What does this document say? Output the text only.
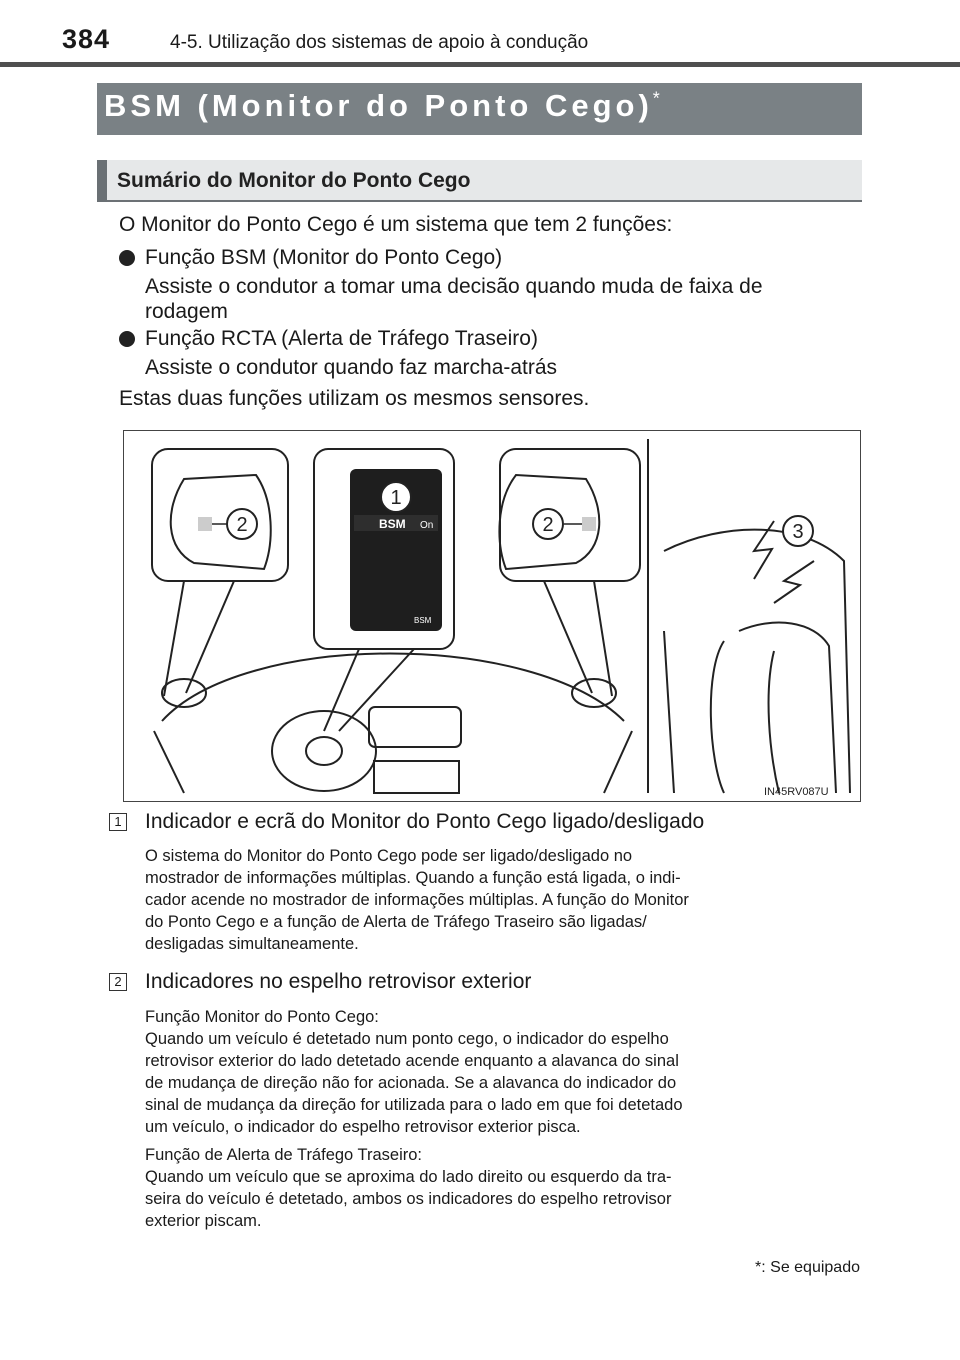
384	4-5. Utilização dos sistemas de apoio à condução
BSM (Monitor do Ponto Cego)*
Sumário do Monitor do Ponto Cego
O Monitor do Ponto Cego é um sistema que tem 2 funções:
Função BSM (Monitor do Ponto Cego)
Assiste o condutor a tomar uma decisão quando muda de faixa de
rodagem
Função RCTA (Alerta de Tráfego Traseiro)
Assiste o condutor quando faz marcha-atrás
Estas duas funções utilizam os mesmos sensores.
BSM On
BSM
1
2	2	3
IN45RV087U
1 Indicador e ecrã do Monitor do Ponto Cego ligado/desligado
O sistema do Monitor do Ponto Cego pode ser ligado/desligado no
mostrador de informações múltiplas. Quando a função está ligada, o indi-
cador acende no mostrador de informações múltiplas. A função do Monitor
do Ponto Cego e a função de Alerta de Tráfego Traseiro são ligadas/
desligadas simultaneamente.
2 Indicadores no espelho retrovisor exterior
Função Monitor do Ponto Cego:
Quando um veículo é detetado num ponto cego, o indicador do espelho
retrovisor exterior do lado detetado acende enquanto a alavanca do sinal
de mudança de direção não for acionada. Se a alavanca do indicador do
sinal de mudança da direção for utilizada para o lado em que foi detetado
um veículo, o indicador do espelho retrovisor exterior pisca.
Função de Alerta de Tráfego Traseiro:
Quando um veículo que se aproxima do lado direito ou esquerdo da tra-
seira do veículo é detetado, ambos os indicadores do espelho retrovisor
exterior piscam.
*: Se equipado
